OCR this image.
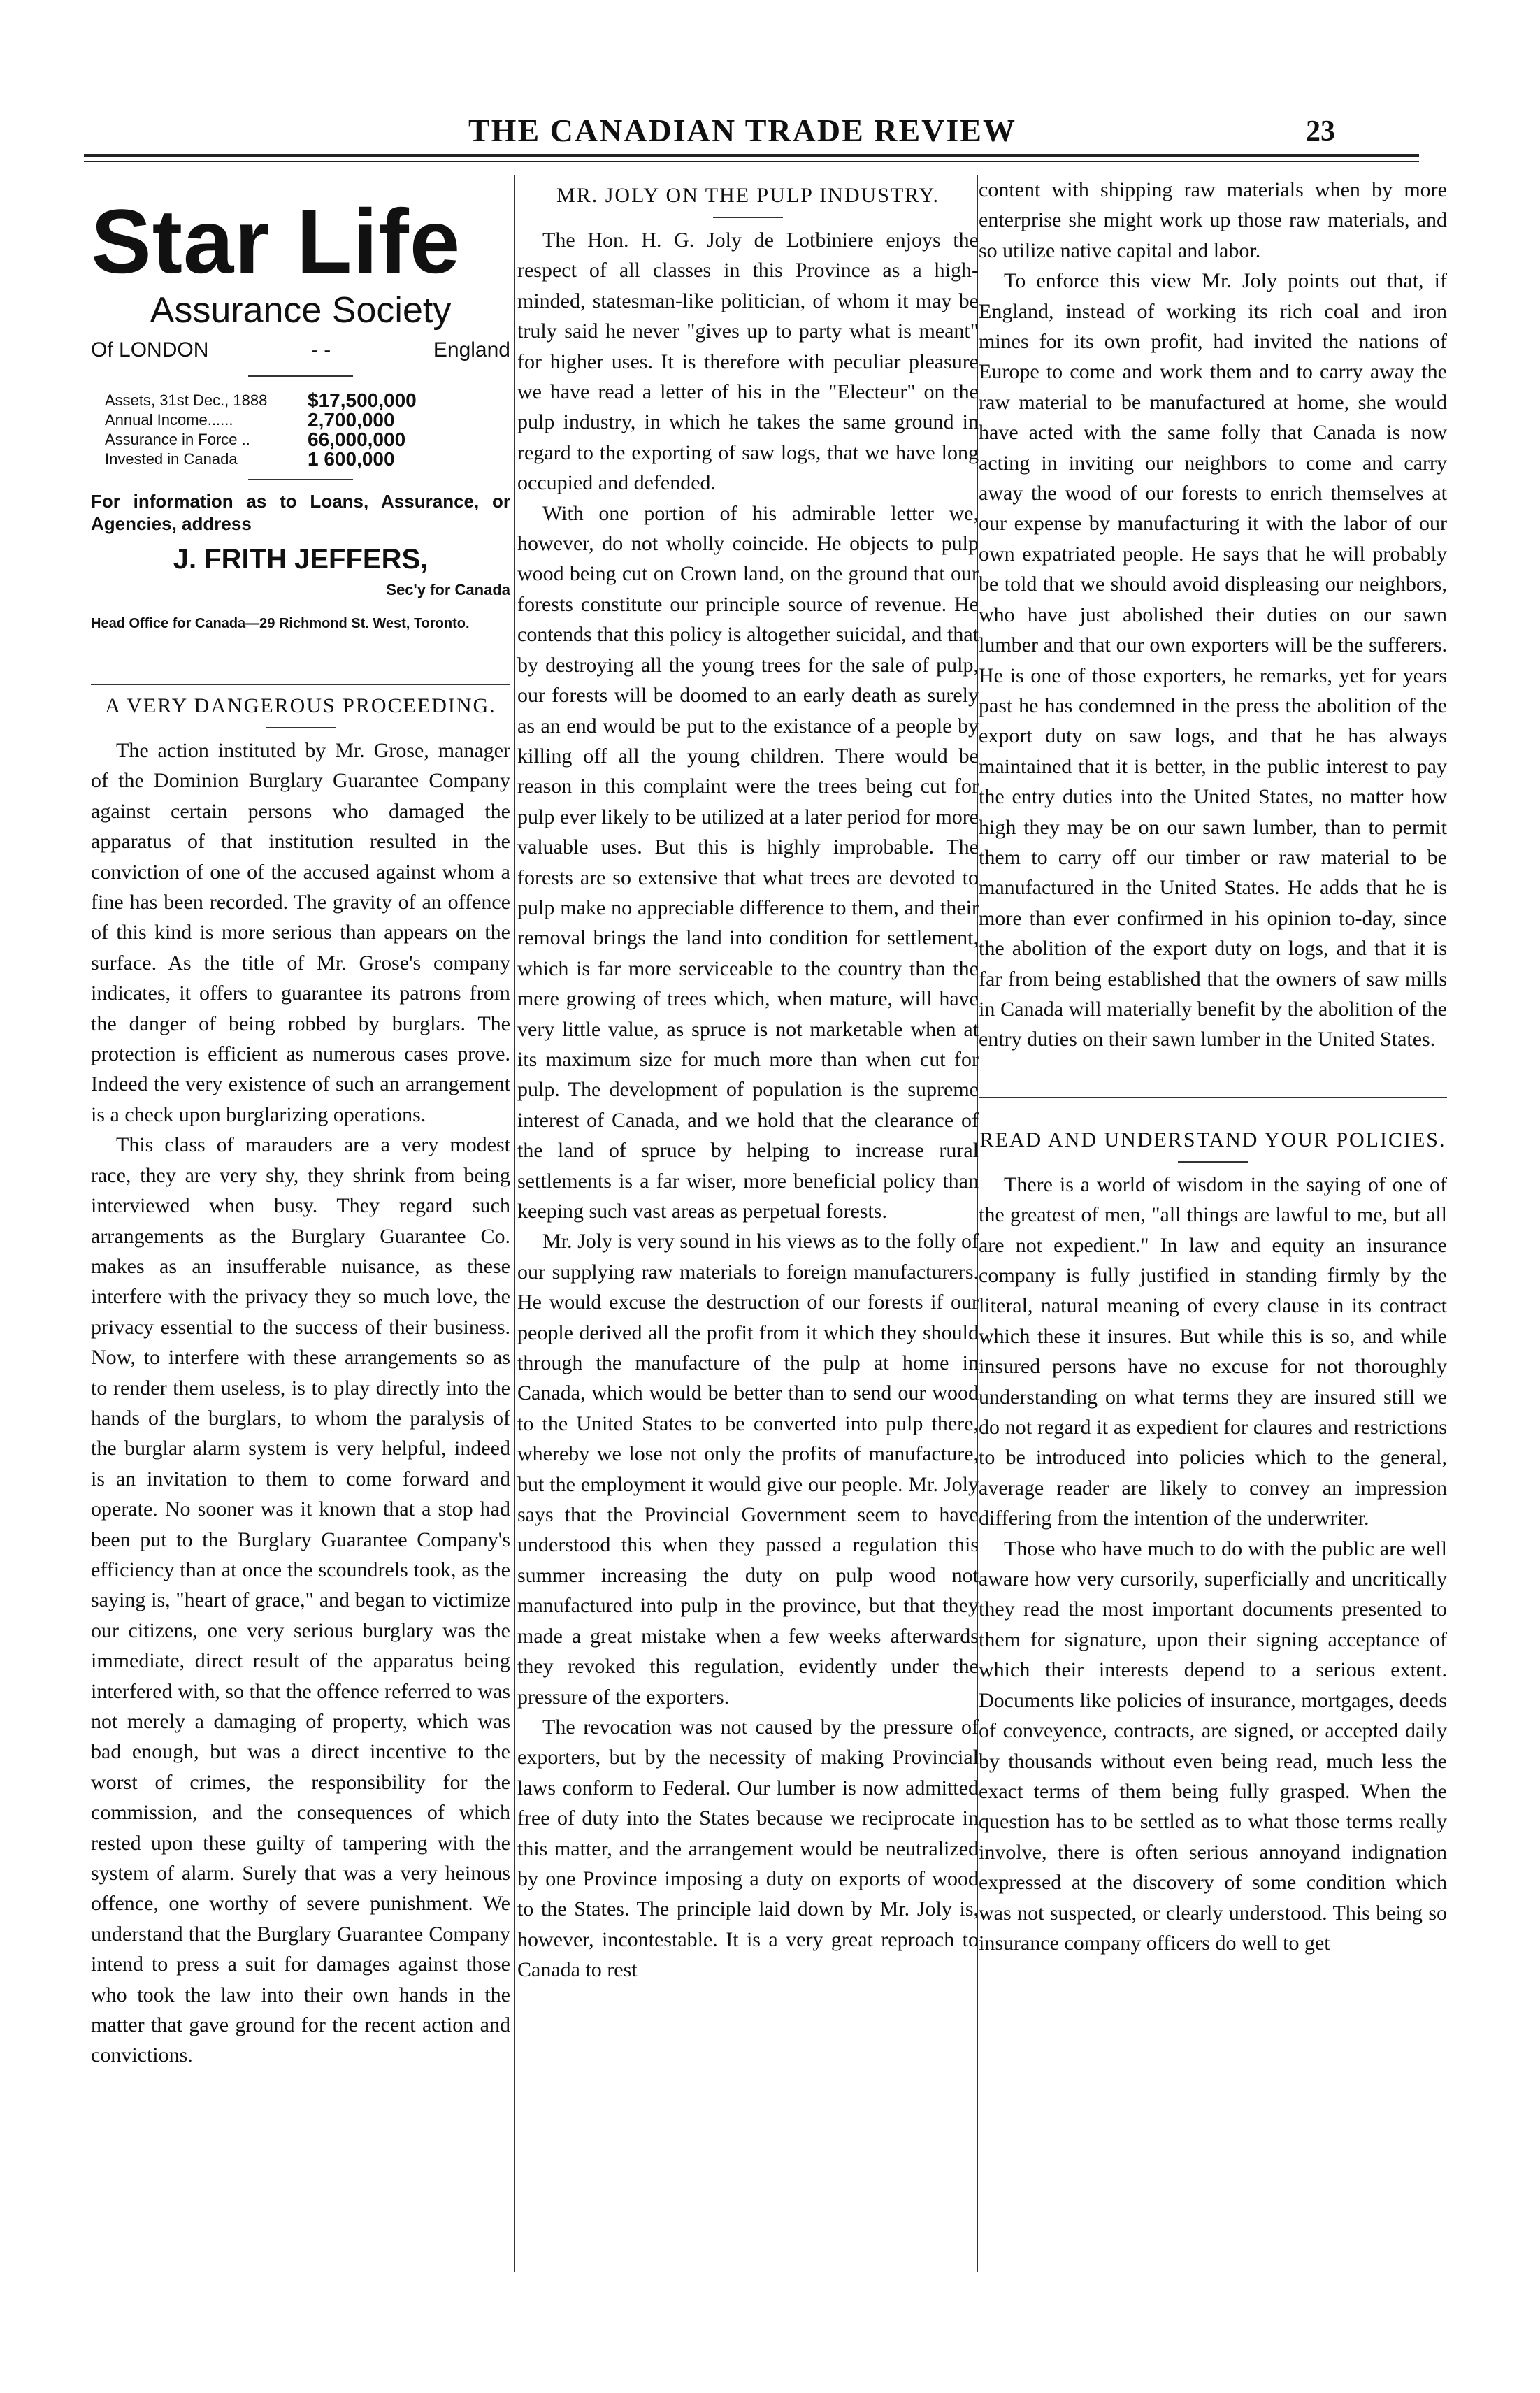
THE CANADIAN TRADE REVIEW	23
Star Life
Assurance Society
Of LONDON	- -	England
Assets, 31st Dec., 1888	$17,500,000
Annual Income......	2,700,000
Assurance in Force ..	66,000,000
Invested in Canada	1 600,000
For information as to Loans, Assurance, or Agencies, address
J. FRITH JEFFERS,
Sec'y for Canada
Head Office for Canada—29 Richmond St. West, Toronto.
A VERY DANGEROUS PROCEEDING.

The action instituted by Mr. Grose, manager of the Dominion Burglary Guarantee Company against certain persons who damaged the apparatus of that institution resulted in the conviction of one of the accused against whom a fine has been recorded. The gravity of an offence of this kind is more serious than appears on the surface. As the title of Mr. Grose's company indicates, it offers to guarantee its patrons from the danger of being robbed by burglars. The protection is efficient as numerous cases prove. Indeed the very existence of such an arrangement is a check upon burglarizing operations.

This class of marauders are a very modest race, they are very shy, they shrink from being interviewed when busy. They regard such arrangements as the Burglary Guarantee Co. makes as an insufferable nuisance, as these interfere with the privacy they so much love, the privacy essential to the success of their business. Now, to interfere with these arrangements so as to render them useless, is to play directly into the hands of the burglars, to whom the paralysis of the burglar alarm system is very helpful, indeed is an invitation to them to come forward and operate. No sooner was it known that a stop had been put to the Burglary Guarantee Company's efficiency than at once the scoundrels took, as the saying is, "heart of grace," and began to victimize our citizens, one very serious burglary was the immediate, direct result of the apparatus being interfered with, so that the offence referred to was not merely a damaging of property, which was bad enough, but was a direct incentive to the worst of crimes, the responsibility for the commission, and the consequences of which rested upon these guilty of tampering with the system of alarm. Surely that was a very heinous offence, one worthy of severe punishment. We understand that the Burglary Guarantee Company intend to press a suit for damages against those who took the law into their own hands in the matter that gave ground for the recent action and convictions.

MR. JOLY ON THE PULP INDUSTRY.

The Hon. H. G. Joly de Lotbiniere enjoys the respect of all classes in this Province as a high-minded, statesman-like politician, of whom it may be truly said he never "gives up to party what is meant" for higher uses. It is therefore with peculiar pleasure we have read a letter of his in the "Electeur" on the pulp industry, in which he takes the same ground in regard to the exporting of saw logs, that we have long occupied and defended.

With one portion of his admirable letter we, however, do not wholly coincide. He objects to pulp wood being cut on Crown land, on the ground that our forests constitute our principle source of revenue. He contends that this policy is altogether suicidal, and that by destroying all the young trees for the sale of pulp, our forests will be doomed to an early death as surely as an end would be put to the existance of a people by killing off all the young children. There would be reason in this complaint were the trees being cut for pulp ever likely to be utilized at a later period for more valuable uses. But this is highly improbable. The forests are so extensive that what trees are devoted to pulp make no appreciable difference to them, and their removal brings the land into condition for settlement, which is far more serviceable to the country than the mere growing of trees which, when mature, will have very little value, as spruce is not marketable when at its maximum size for much more than when cut for pulp. The development of population is the supreme interest of Canada, and we hold that the clearance of the land of spruce by helping to increase rural settlements is a far wiser, more beneficial policy than keeping such vast areas as perpetual forests.

Mr. Joly is very sound in his views as to the folly of our supplying raw materials to foreign manufacturers. He would excuse the destruction of our forests if our people derived all the profit from it which they should through the manufacture of the pulp at home in Canada, which would be better than to send our wood to the United States to be converted into pulp there, whereby we lose not only the profits of manufacture, but the employment it would give our people. Mr. Joly says that the Provincial Government seem to have understood this when they passed a regulation this summer increasing the duty on pulp wood not manufactured into pulp in the province, but that they made a great mistake when a few weeks afterwards they revoked this regulation, evidently under the pressure of the exporters.

The revocation was not caused by the pressure of exporters, but by the necessity of making Provincial laws conform to Federal. Our lumber is now admitted free of duty into the States because we reciprocate in this matter, and the arrangement would be neutralized by one Province imposing a duty on exports of wood to the States. The principle laid down by Mr. Joly is, however, incontestable. It is a very great reproach to Canada to rest

content with shipping raw materials when by more enterprise she might work up those raw materials, and so utilize native capital and labor.

To enforce this view Mr. Joly points out that, if England, instead of working its rich coal and iron mines for its own profit, had invited the nations of Europe to come and work them and to carry away the raw material to be manufactured at home, she would have acted with the same folly that Canada is now acting in inviting our neighbors to come and carry away the wood of our forests to enrich themselves at our expense by manufacturing it with the labor of our own expatriated people. He says that he will probably be told that we should avoid displeasing our neighbors, who have just abolished their duties on our sawn lumber and that our own exporters will be the sufferers. He is one of those exporters, he remarks, yet for years past he has condemned in the press the abolition of the export duty on saw logs, and that he has always maintained that it is better, in the public interest to pay the entry duties into the United States, no matter how high they may be on our sawn lumber, than to permit them to carry off our timber or raw material to be manufactured in the United States. He adds that he is more than ever confirmed in his opinion to-day, since the abolition of the export duty on logs, and that it is far from being established that the owners of saw mills in Canada will materially benefit by the abolition of the entry duties on their sawn lumber in the United States.

READ AND UNDERSTAND YOUR POLICIES.

There is a world of wisdom in the saying of one of the greatest of men, "all things are lawful to me, but all are not expedient." In law and equity an insurance company is fully justified in standing firmly by the literal, natural meaning of every clause in its contract which these it insures. But while this is so, and while insured persons have no excuse for not thoroughly understanding on what terms they are insured still we do not regard it as expedient for claures and restrictions to be introduced into policies which to the general, average reader are likely to convey an impression differing from the intention of the underwriter.

Those who have much to do with the public are well aware how very cursorily, superficially and uncritically they read the most important documents presented to them for signature, upon their signing acceptance of which their interests depend to a serious extent. Documents like policies of insurance, mortgages, deeds of conveyence, contracts, are signed, or accepted daily by thousands without even being read, much less the exact terms of them being fully grasped. When the question has to be settled as to what those terms really involve, there is often serious annoyand indignation expressed at the discovery of some condition which was not suspected, or clearly understood. This being so insurance company officers do well to get
